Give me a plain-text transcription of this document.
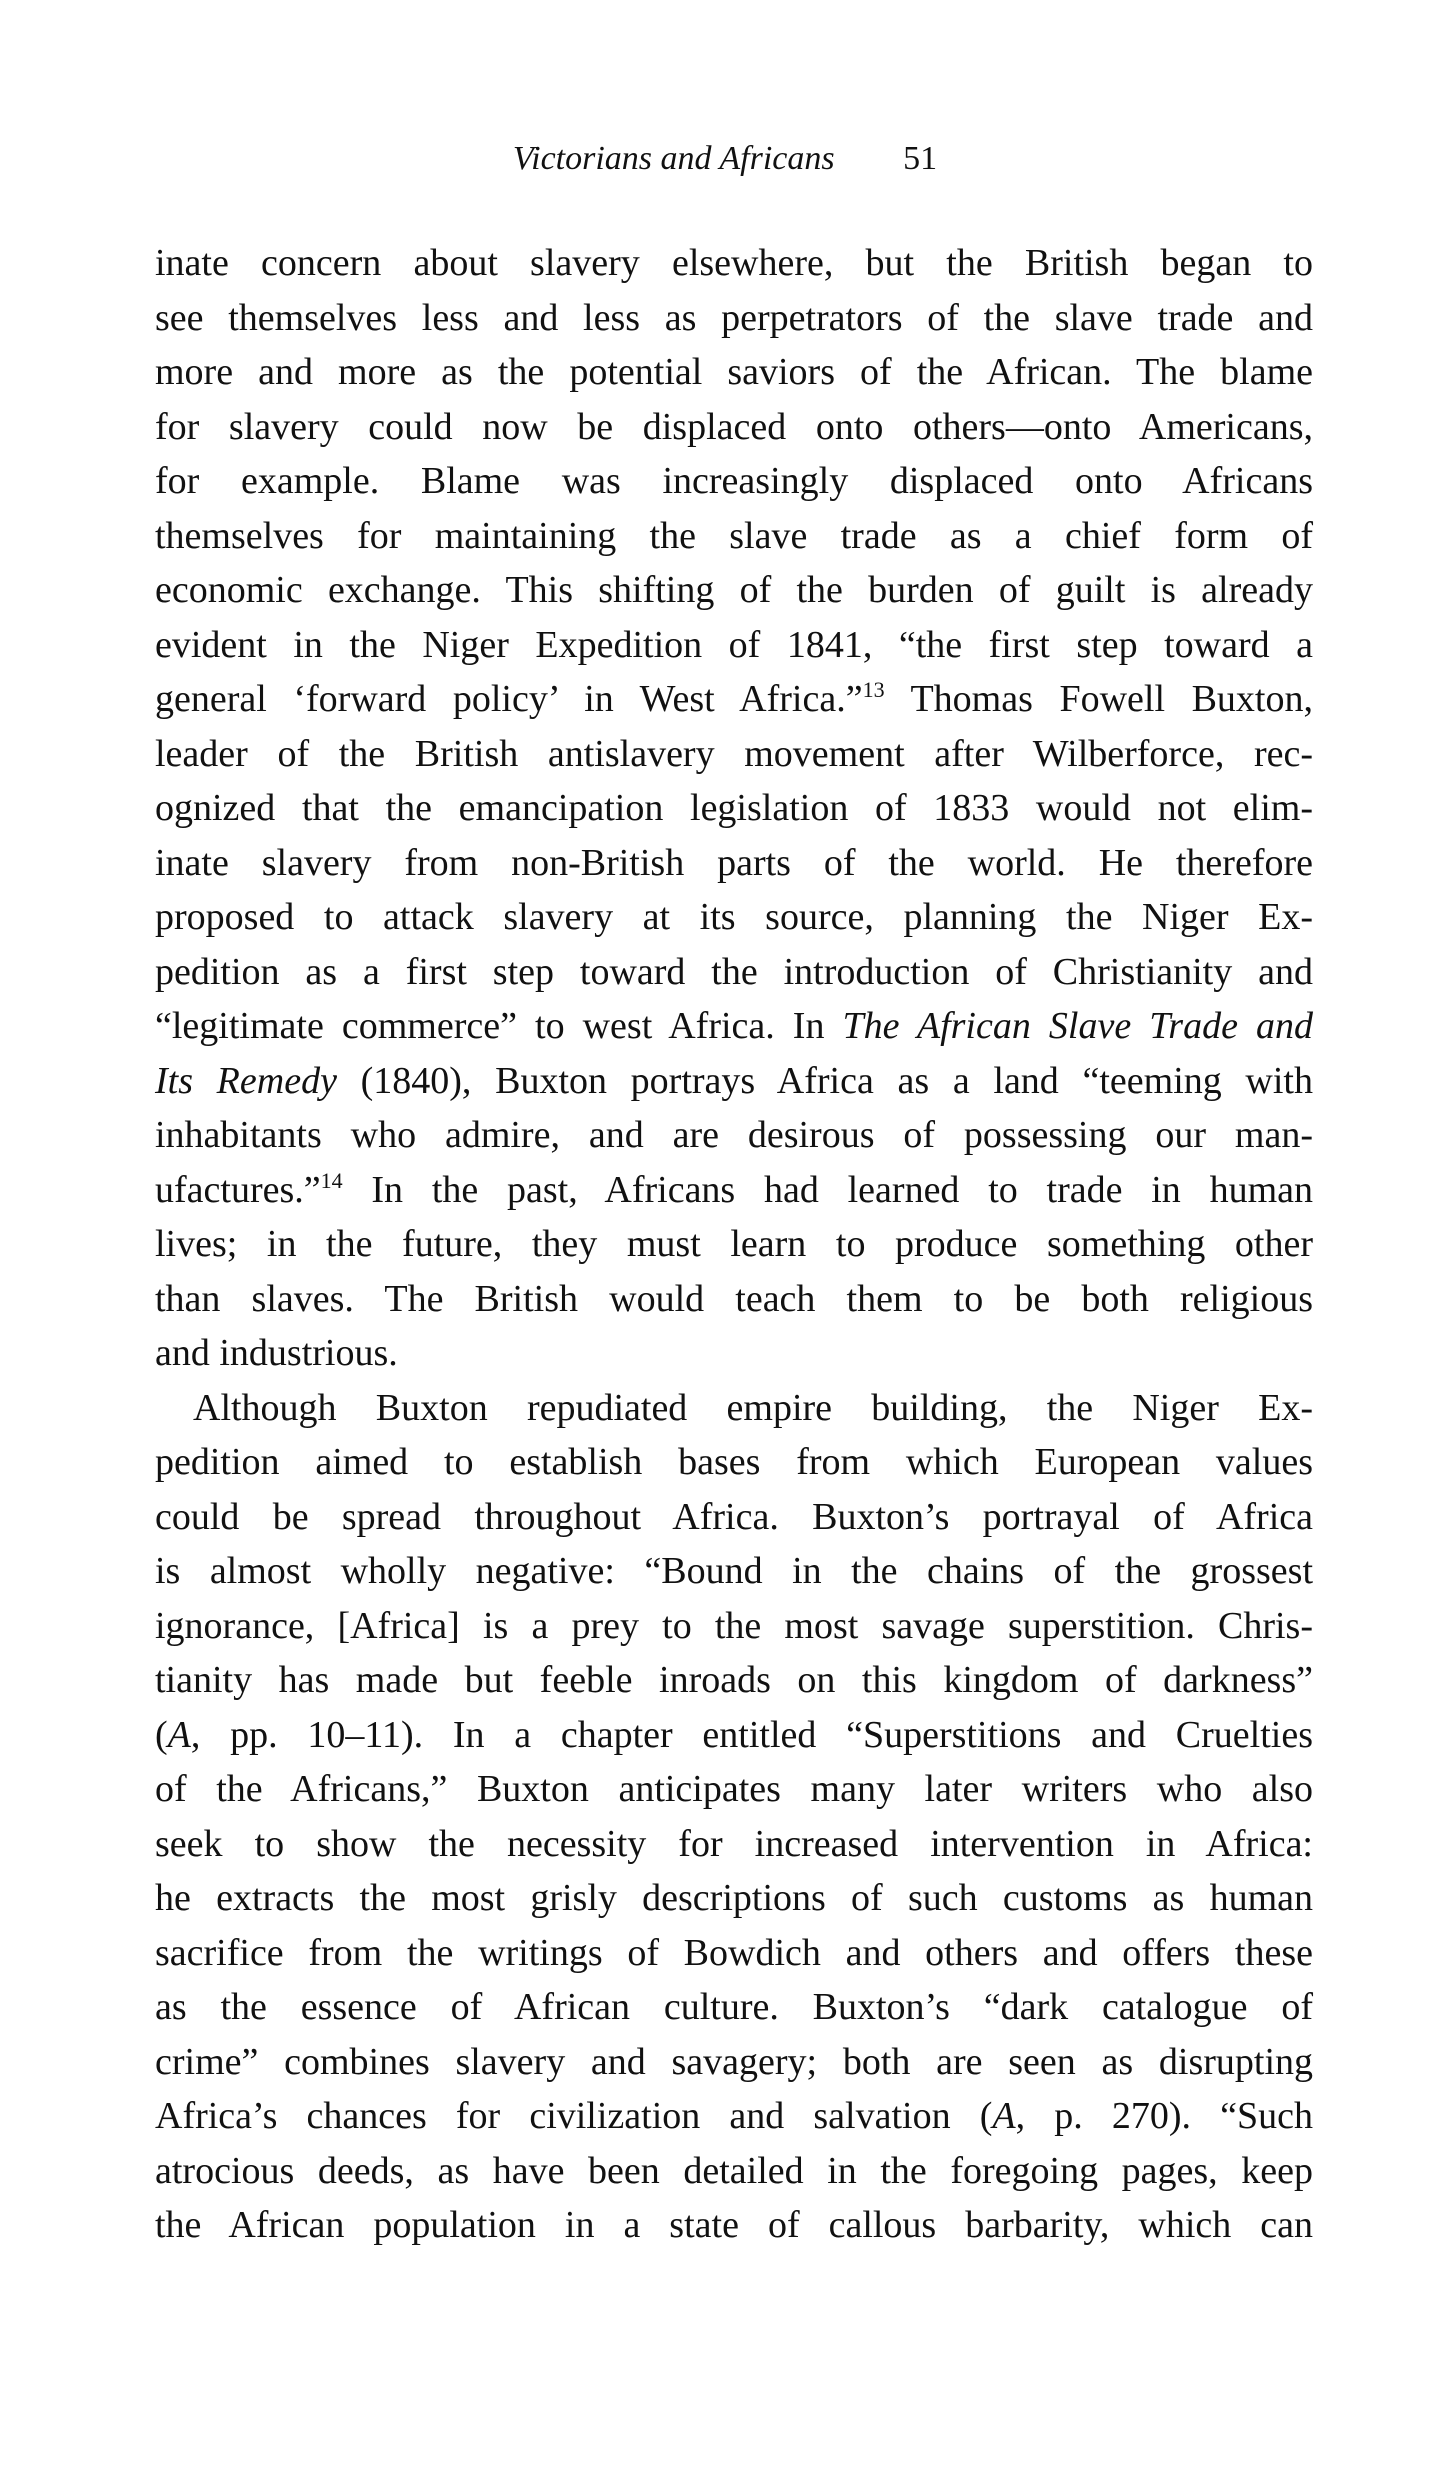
Victorians and Africans 51
inate concern about slavery elsewhere, but the British began to
see themselves less and less as perpetrators of the slave trade and
more and more as the potential saviors of the African. The blame
for slavery could now be displaced onto others—onto Americans,
for example. Blame was increasingly displaced onto Africans
themselves for maintaining the slave trade as a chief form of
economic exchange. This shifting of the burden of guilt is already
evident in the Niger Expedition of 1841, “the first step toward a
general ‘forward policy’ in West Africa.”$^{13}$ Thomas Fowell Buxton,
leader of the British antislavery movement after Wilberforce, rec-
ognized that the emancipation legislation of 1833 would not elim-
inate slavery from non-British parts of the world. He therefore
proposed to attack slavery at its source, planning the Niger Ex-
pedition as a first step toward the introduction of Christianity and
“legitimate commerce” to west Africa. In The African Slave Trade and
Its Remedy (1840), Buxton portrays Africa as a land “teeming with
inhabitants who admire, and are desirous of possessing our man-
ufactures.”$^{14}$ In the past, Africans had learned to trade in human
lives; in the future, they must learn to produce something other
than slaves. The British would teach them to be both religious
and industrious.
Although Buxton repudiated empire building, the Niger Ex-
pedition aimed to establish bases from which European values
could be spread throughout Africa. Buxton’s portrayal of Africa
is almost wholly negative: “Bound in the chains of the grossest
ignorance, [Africa] is a prey to the most savage superstition. Chris-
tianity has made but feeble inroads on this kingdom of darkness”
(A, pp. 10–11). In a chapter entitled “Superstitions and Cruelties
of the Africans,” Buxton anticipates many later writers who also
seek to show the necessity for increased intervention in Africa:
he extracts the most grisly descriptions of such customs as human
sacrifice from the writings of Bowdich and others and offers these
as the essence of African culture. Buxton’s “dark catalogue of
crime” combines slavery and savagery; both are seen as disrupting
Africa’s chances for civilization and salvation (A, p. 270). “Such
atrocious deeds, as have been detailed in the foregoing pages, keep
the African population in a state of callous barbarity, which can
